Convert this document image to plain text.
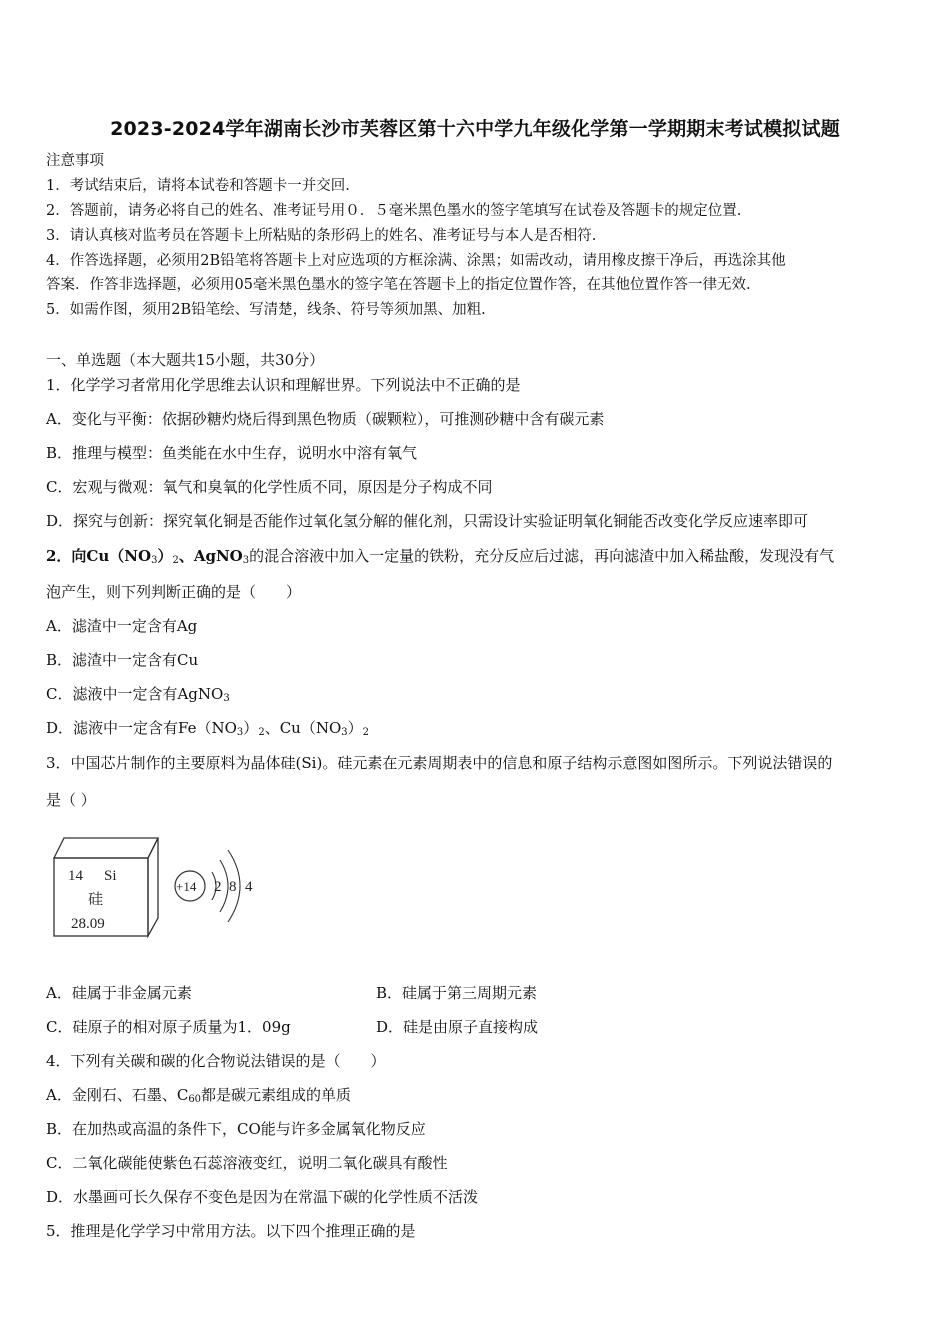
2023-2024学年湖南长沙市芙蓉区第十六中学九年级化学第一学期期末考试模拟试题
注意事项
1．考试结束后，请将本试卷和答题卡一并交回.
2．答题前，请务必将自己的姓名、准考证号用０．５毫米黑色墨水的签字笔填写在试卷及答题卡的规定位置.
3．请认真核对监考员在答题卡上所粘贴的条形码上的姓名、准考证号与本人是否相符.
4．作答选择题，必须用2B铅笔将答题卡上对应选项的方框涂满、涂黑；如需改动，请用橡皮擦干净后，再选涂其他
答案．作答非选择题，必须用05毫米黑色墨水的签字笔在答题卡上的指定位置作答，在其他位置作答一律无效.
5．如需作图，须用2B铅笔绘、写清楚，线条、符号等须加黑、加粗.
一、单选题（本大题共15小题，共30分）
1．化学学习者常用化学思维去认识和理解世界。下列说法中不正确的是
A．变化与平衡：依据砂糖灼烧后得到黑色物质（碳颗粒），可推测砂糖中含有碳元素
B．推理与模型：鱼类能在水中生存，说明水中溶有氧气
C．宏观与微观：氧气和臭氧的化学性质不同，原因是分子构成不同
D．探究与创新：探究氧化铜是否能作过氧化氢分解的催化剂，只需设计实验证明氧化铜能否改变化学反应速率即可
2．向$Cu(NO_3)_2$、AgNO$_3$的混合溶液中加入一定量的铁粉，充分反应后过滤，再向滤渣中加入稀盐酸，发现没有气
泡产生，则下列判断正确的是（　　）
A．滤渣中一定含有Ag
B．滤渣中一定含有Cu
C．滤液中一定含有AgNO$_3$
D．滤液中一定含有$Fe(NO_3)_2$、$Cu(NO_3)_2$
3．中国芯片制作的主要原料为晶体硅(Si)。硅元素在元素周期表中的信息和原子结构示意图如图所示。下列说法错误的
是（ ）
14 Si
硅
28.09
+14 2 8 4
A．硅属于非金属元素	B．硅属于第三周期元素
C．硅原子的相对原子质量为1．09g	D．硅是由原子直接构成
4．下列有关碳和碳的化合物说法错误的是（　　）
A．金刚石、石墨、$C_{60}$都是碳元素组成的单质
B．在加热或高温的条件下，CO能与许多金属氧化物反应
C．二氧化碳能使紫色石蕊溶液变红，说明二氧化碳具有酸性
D．水墨画可长久保存不变色是因为在常温下碳的化学性质不活泼
5．推理是化学学习中常用方法。以下四个推理正确的是
